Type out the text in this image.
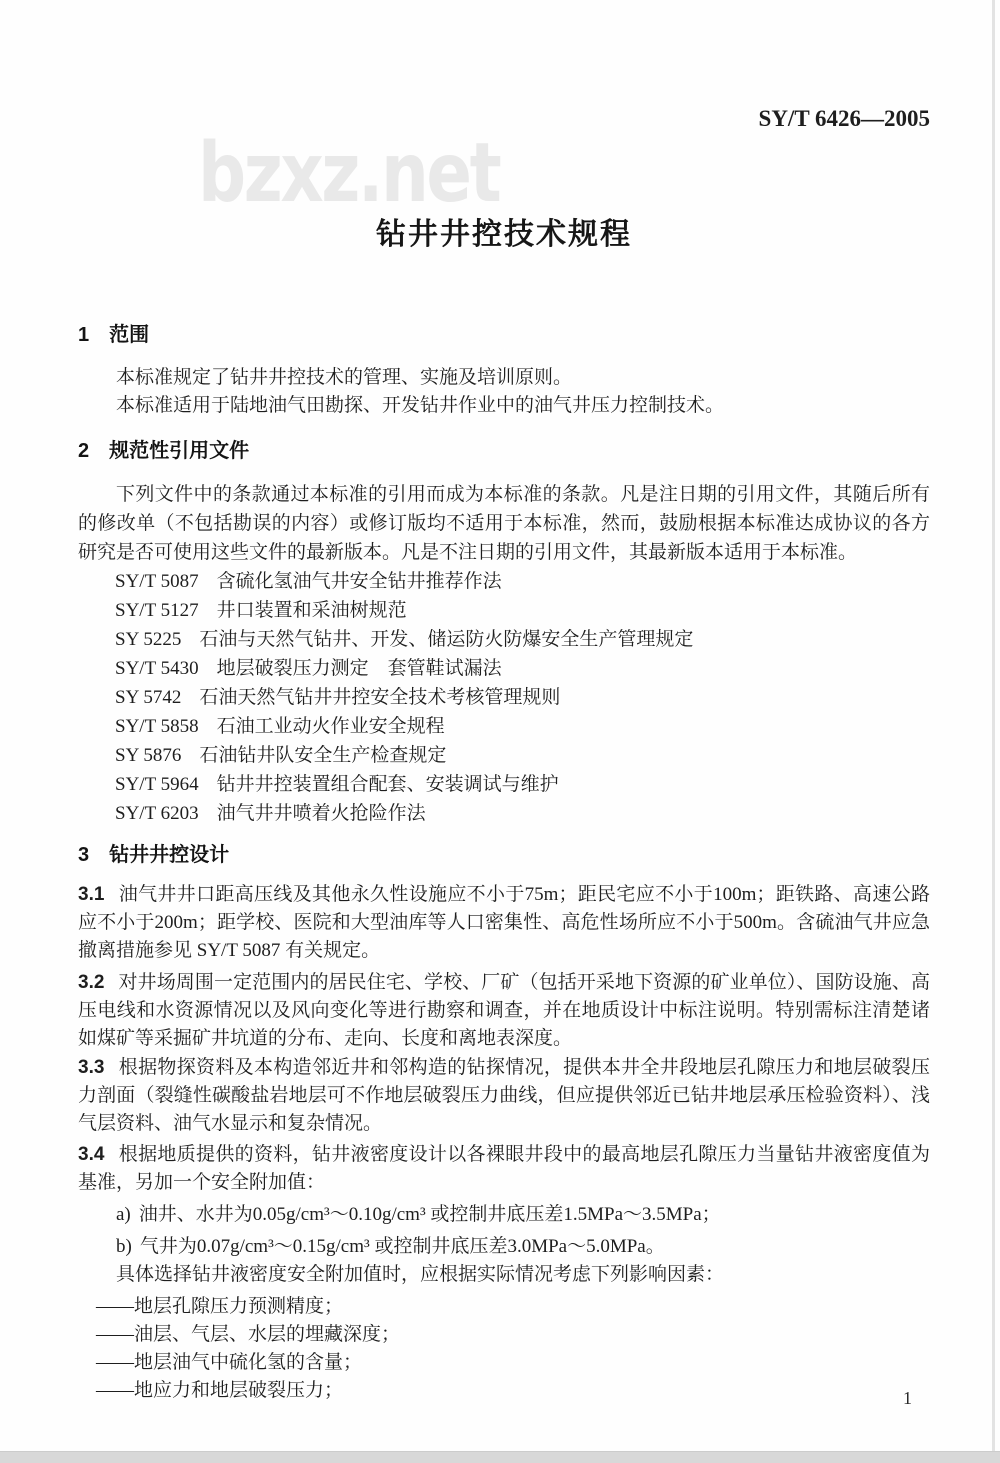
bzxz.net
SY/T 6426—2005
钻井井控技术规程
1 范围

本标准规定了钻井井控技术的管理、实施及培训原则。

本标准适用于陆地油气田勘探、开发钻井作业中的油气井压力控制技术。

2 规范性引用文件

下列文件中的条款通过本标准的引用而成为本标准的条款。凡是注日期的引用文件，其随后所有的修改单（不包括勘误的内容）或修订版均不适用于本标准，然而，鼓励根据本标准达成协议的各方研究是否可使用这些文件的最新版本。凡是不注日期的引用文件，其最新版本适用于本标准。

SY/T 5087 含硫化氢油气井安全钻井推荐作法
SY/T 5127 井口装置和采油树规范
SY 5225 石油与天然气钻井、开发、储运防火防爆安全生产管理规定
SY/T 5430 地层破裂压力测定　套管鞋试漏法
SY 5742 石油天然气钻井井控安全技术考核管理规则
SY/T 5858 石油工业动火作业安全规程
SY 5876 石油钻井队安全生产检查规定
SY/T 5964 钻井井控装置组合配套、安装调试与维护
SY/T 6203 油气井井喷着火抢险作法
3 钻井井控设计

3.1 油气井井口距高压线及其他永久性设施应不小于75m；距民宅应不小于100m；距铁路、高速公路应不小于200m；距学校、医院和大型油库等人口密集性、高危性场所应不小于500m。含硫油气井应急撤离措施参见 SY/T 5087 有关规定。

3.2 对井场周围一定范围内的居民住宅、学校、厂矿（包括开采地下资源的矿业单位）、国防设施、高压电线和水资源情况以及风向变化等进行勘察和调查，并在地质设计中标注说明。特别需标注清楚诸如煤矿等采掘矿井坑道的分布、走向、长度和离地表深度。

3.3 根据物探资料及本构造邻近井和邻构造的钻探情况，提供本井全井段地层孔隙压力和地层破裂压力剖面（裂缝性碳酸盐岩地层可不作地层破裂压力曲线，但应提供邻近已钻井地层承压检验资料）、浅气层资料、油气水显示和复杂情况。

3.4 根据地质提供的资料，钻井液密度设计以各裸眼井段中的最高地层孔隙压力当量钻井液密度值为基准，另加一个安全附加值：

a) 油井、水井为0.05g/cm³～0.10g/cm³ 或控制井底压差1.5MPa～3.5MPa；

b) 气井为0.07g/cm³～0.15g/cm³ 或控制井底压差3.0MPa～5.0MPa。

具体选择钻井液密度安全附加值时，应根据实际情况考虑下列影响因素：

——地层孔隙压力预测精度；

——油层、气层、水层的埋藏深度；

——地层油气中硫化氢的含量；

——地应力和地层破裂压力；	1
